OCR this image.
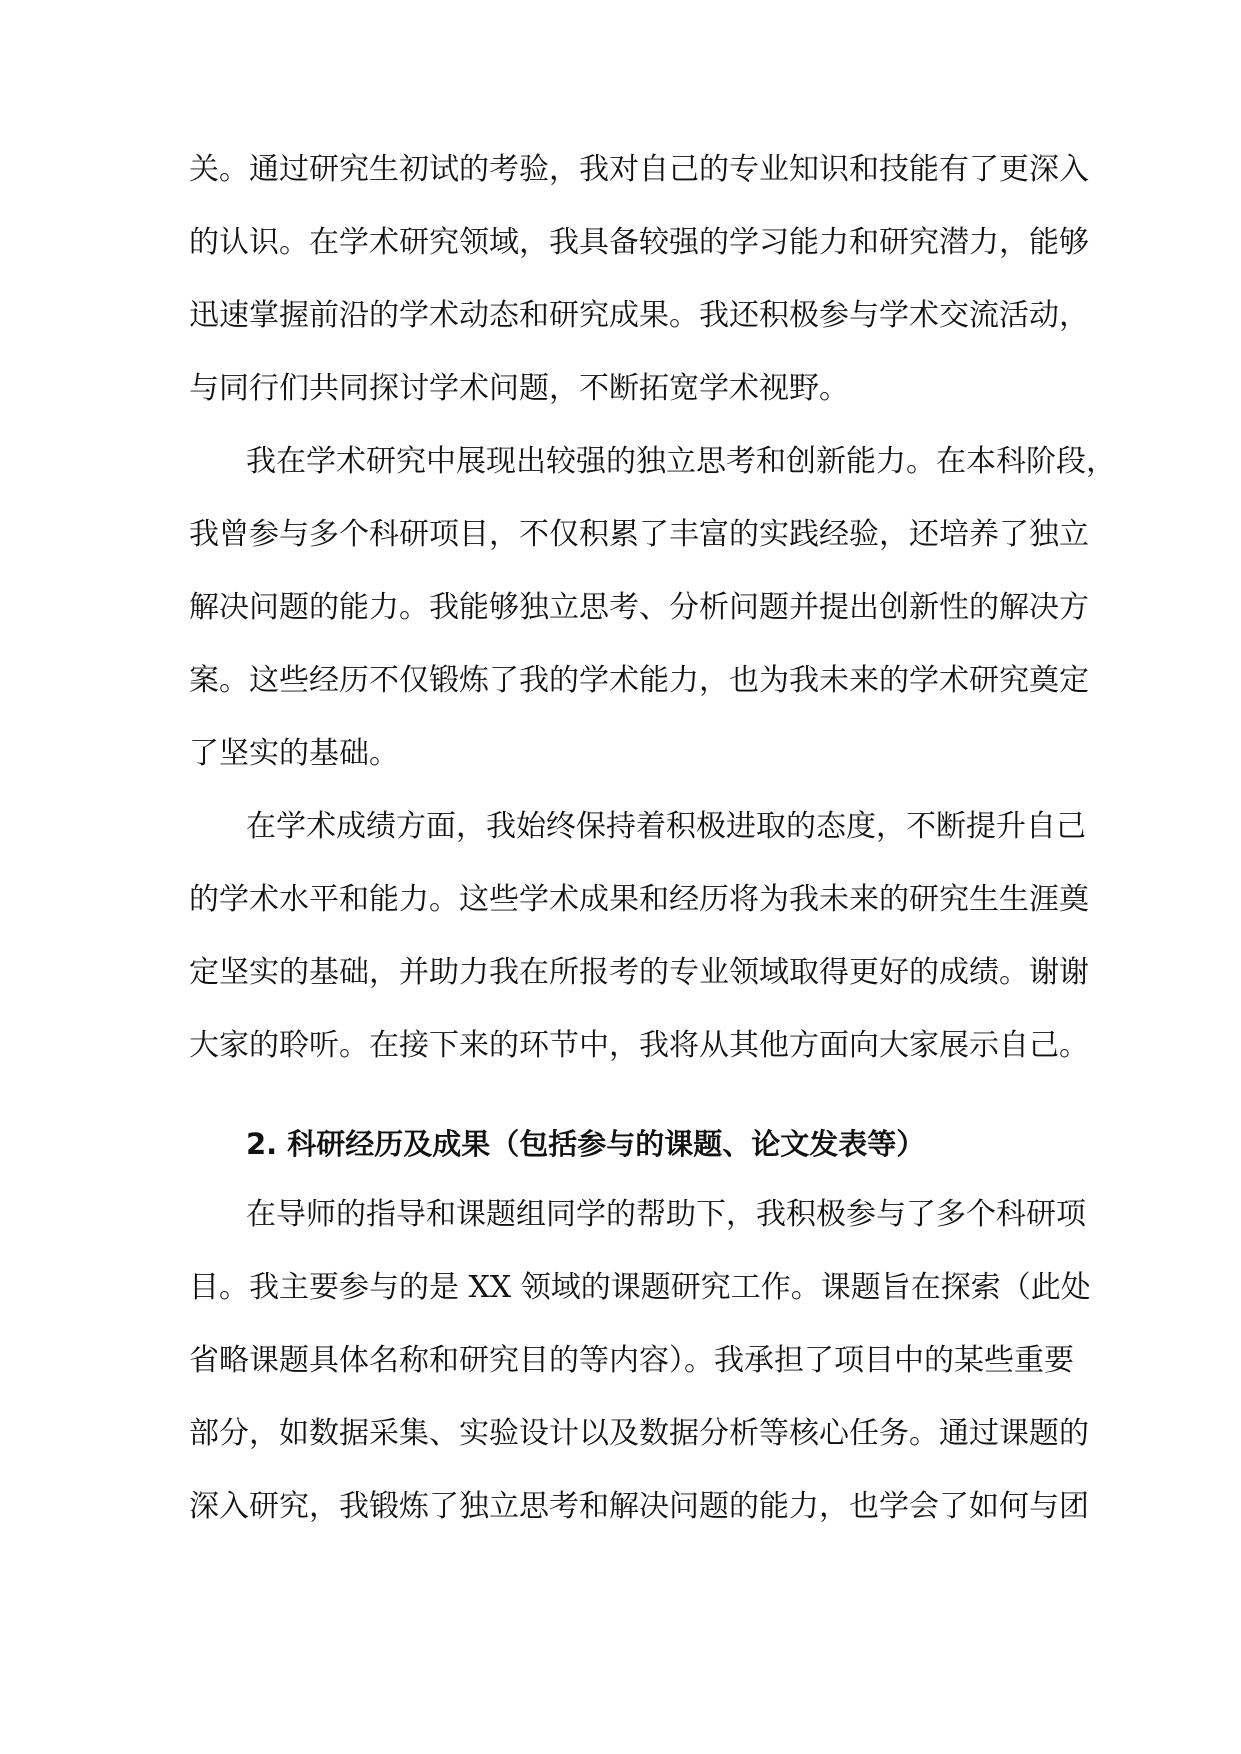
关。通过研究生初试的考验，我对自己的专业知识和技能有了更深入
的认识。在学术研究领域，我具备较强的学习能力和研究潜力，能够
迅速掌握前沿的学术动态和研究成果。我还积极参与学术交流活动，
与同行们共同探讨学术问题，不断拓宽学术视野。
我在学术研究中展现出较强的独立思考和创新能力。在本科阶段，
我曾参与多个科研项目，不仅积累了丰富的实践经验，还培养了独立
解决问题的能力。我能够独立思考、分析问题并提出创新性的解决方
案。这些经历不仅锻炼了我的学术能力，也为我未来的学术研究奠定
了坚实的基础。
在学术成绩方面，我始终保持着积极进取的态度，不断提升自己
的学术水平和能力。这些学术成果和经历将为我未来的研究生生涯奠
定坚实的基础，并助力我在所报考的专业领域取得更好的成绩。谢谢
大家的聆听。在接下来的环节中，我将从其他方面向大家展示自己。
2. 科研经历及成果（包括参与的课题、论文发表等）
在导师的指导和课题组同学的帮助下，我积极参与了多个科研项
目。我主要参与的是 XX 领域的课题研究工作。课题旨在探索（此处
省略课题具体名称和研究目的等内容）。我承担了项目中的某些重要
部分，如数据采集、实验设计以及数据分析等核心任务。通过课题的
深入研究，我锻炼了独立思考和解决问题的能力，也学会了如何与团
